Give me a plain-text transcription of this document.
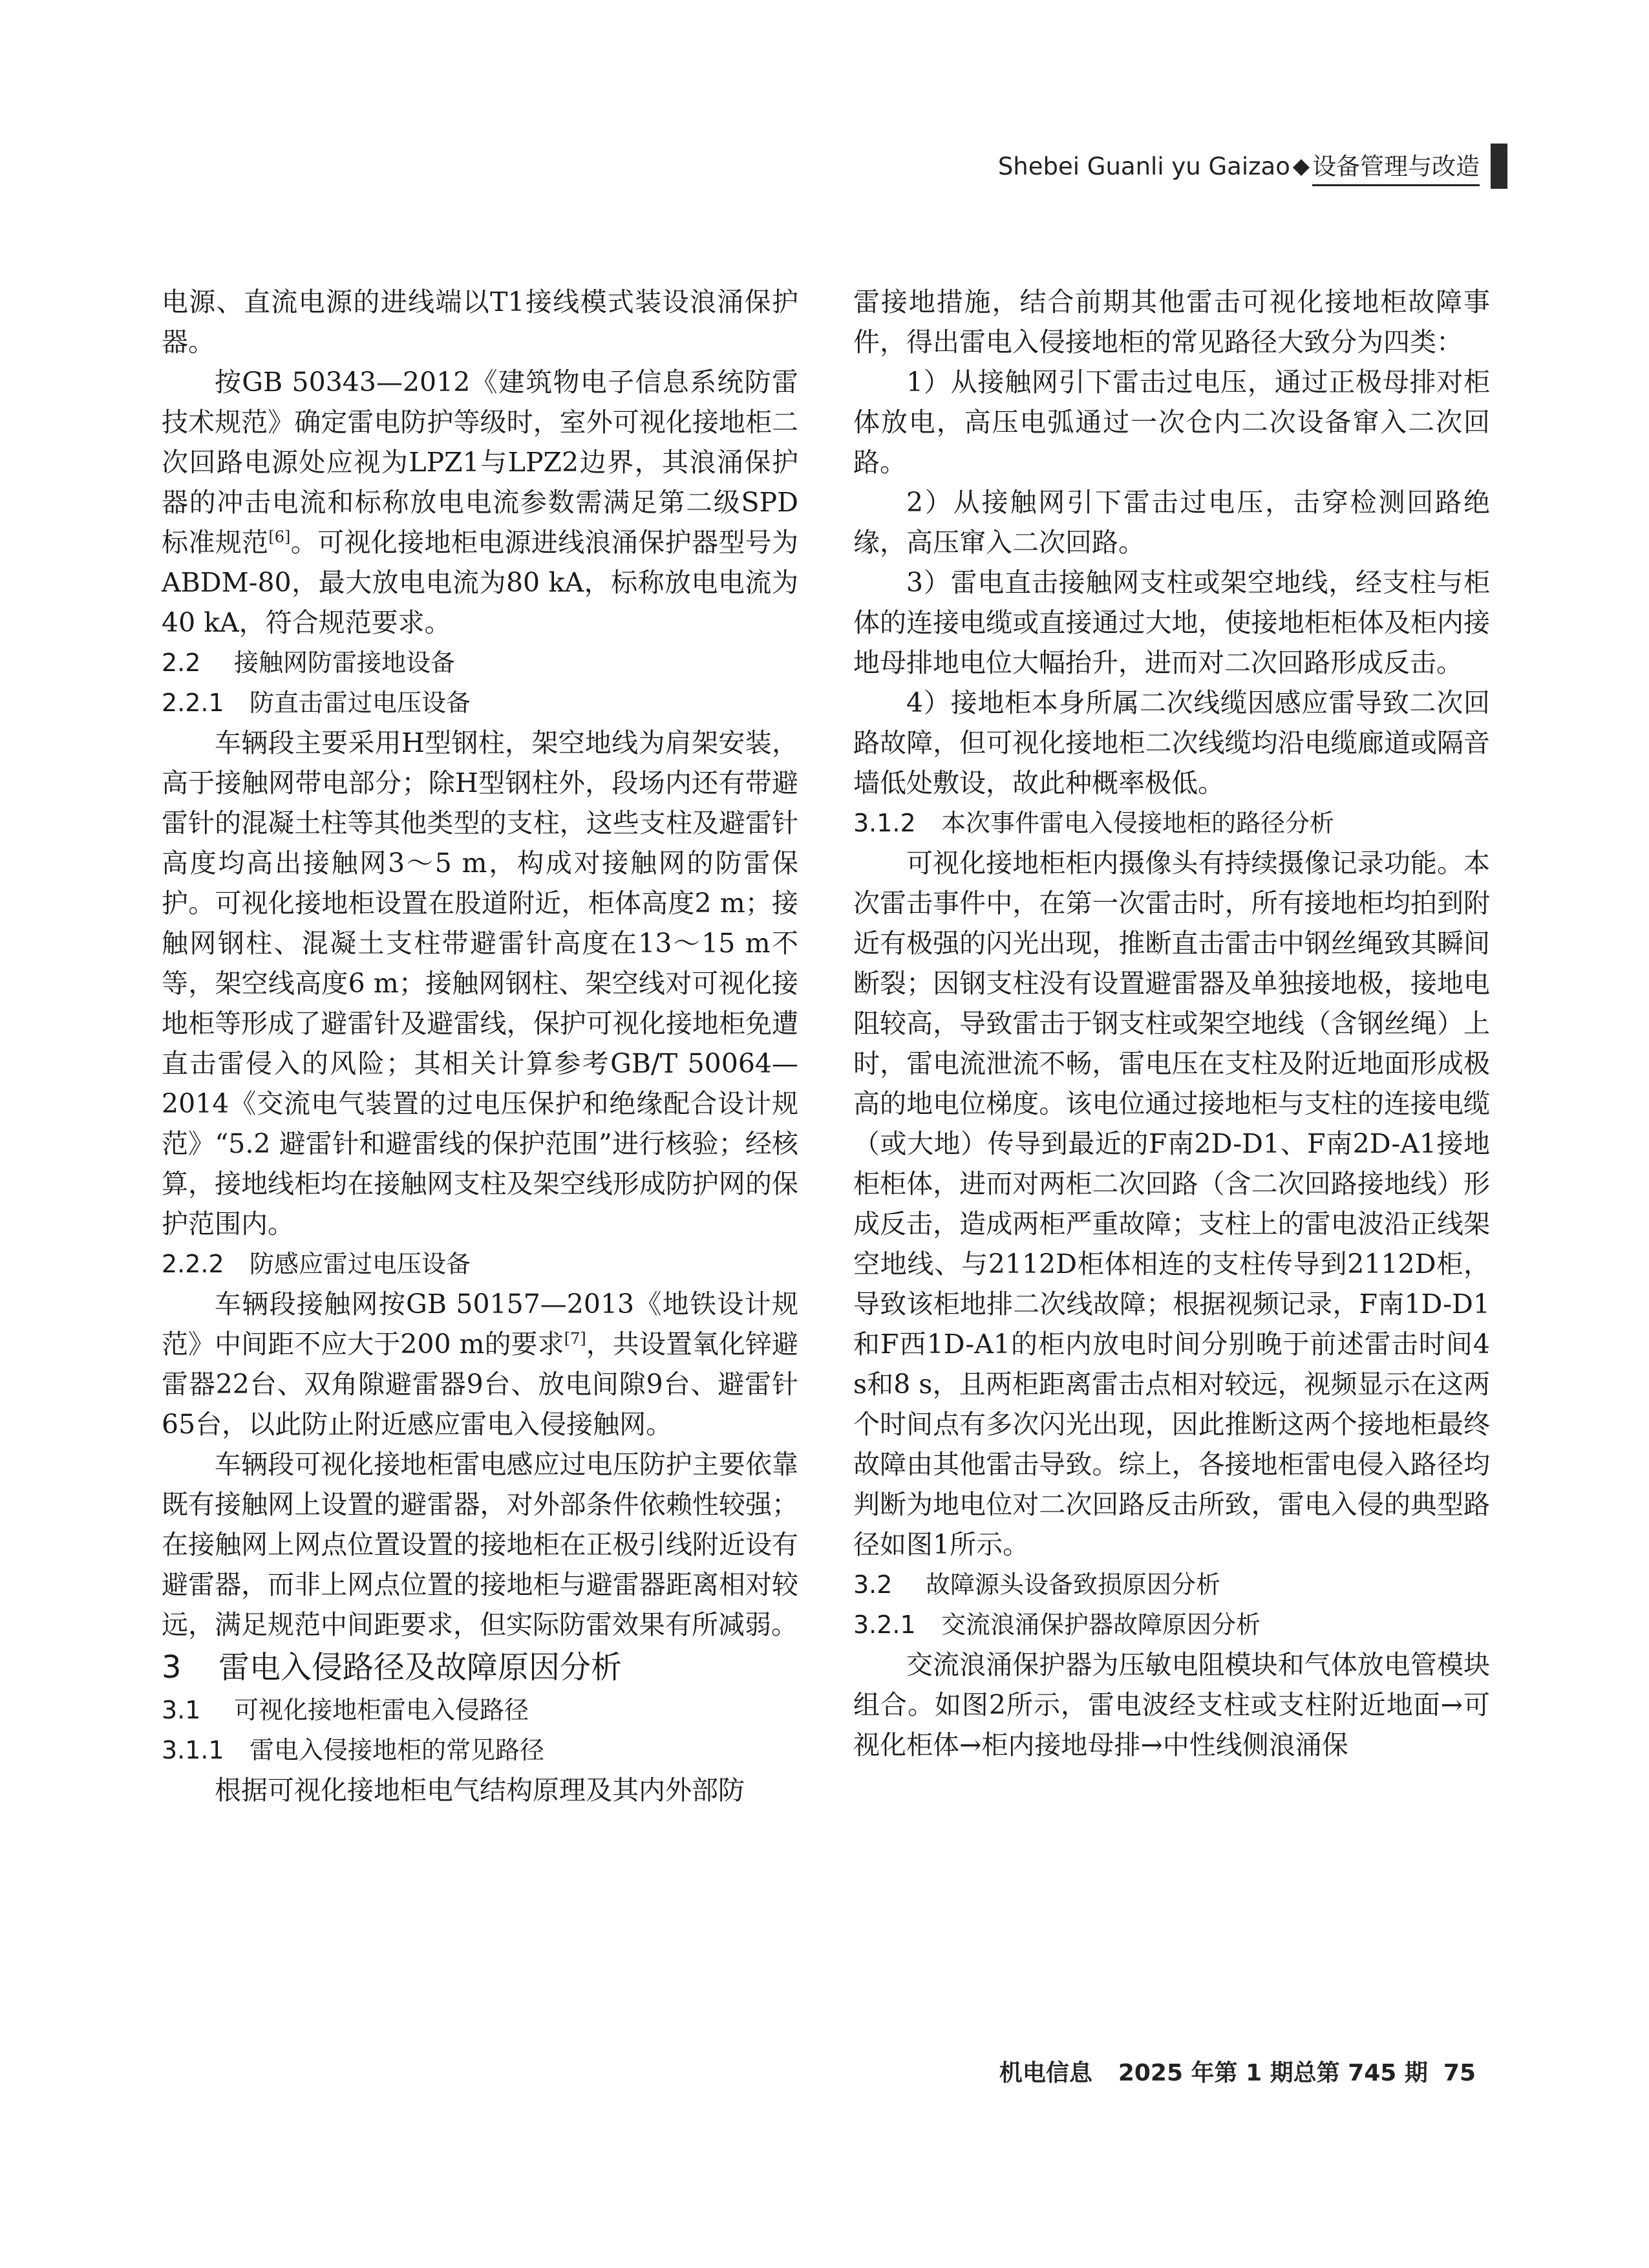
Shebei Guanli yu Gaizao ◆ 设备管理与改造

电源、直流电源的进线端以T1接线模式装设浪涌保护器。

按GB 50343—2012《建筑物电子信息系统防雷技术规范》确定雷电防护等级时，室外可视化接地柜二次回路电源处应视为LPZ1与LPZ2边界，其浪涌保护器的冲击电流和标称放电电流参数需满足第二级SPD标准规范[6]。可视化接地柜电源进线浪涌保护器型号为ABDM-80，最大放电电流为80 kA，标称放电电流为40 kA，符合规范要求。

2.2 接触网防雷接地设备

2.2.1 防直击雷过电压设备

车辆段主要采用H型钢柱，架空地线为肩架安装，高于接触网带电部分；除H型钢柱外，段场内还有带避雷针的混凝土柱等其他类型的支柱，这些支柱及避雷针高度均高出接触网3～5 m，构成对接触网的防雷保护。可视化接地柜设置在股道附近，柜体高度2 m；接触网钢柱、混凝土支柱带避雷针高度在13～15 m不等，架空线高度6 m；接触网钢柱、架空线对可视化接地柜等形成了避雷针及避雷线，保护可视化接地柜免遭直击雷侵入的风险；其相关计算参考GB/T 50064—2014《交流电气装置的过电压保护和绝缘配合设计规范》“5.2 避雷针和避雷线的保护范围”进行核验；经核算，接地线柜均在接触网支柱及架空线形成防护网的保护范围内。

2.2.2 防感应雷过电压设备

车辆段接触网按GB 50157—2013《地铁设计规范》中间距不应大于200 m的要求[7]，共设置氧化锌避雷器22台、双角隙避雷器9台、放电间隙9台、避雷针65台，以此防止附近感应雷电入侵接触网。

车辆段可视化接地柜雷电感应过电压防护主要依靠既有接触网上设置的避雷器，对外部条件依赖性较强；在接触网上网点位置设置的接地柜在正极引线附近设有避雷器，而非上网点位置的接地柜与避雷器距离相对较远，满足规范中间距要求，但实际防雷效果有所减弱。

3 雷电入侵路径及故障原因分析

3.1 可视化接地柜雷电入侵路径

3.1.1 雷电入侵接地柜的常见路径

根据可视化接地柜电气结构原理及其内外部防

雷接地措施，结合前期其他雷击可视化接地柜故障事件，得出雷电入侵接地柜的常见路径大致分为四类：

1）从接触网引下雷击过电压，通过正极母排对柜体放电，高压电弧通过一次仓内二次设备窜入二次回路。

2）从接触网引下雷击过电压，击穿检测回路绝缘，高压窜入二次回路。

3）雷电直击接触网支柱或架空地线，经支柱与柜体的连接电缆或直接通过大地，使接地柜柜体及柜内接地母排地电位大幅抬升，进而对二次回路形成反击。

4）接地柜本身所属二次线缆因感应雷导致二次回路故障，但可视化接地柜二次线缆均沿电缆廊道或隔音墙低处敷设，故此种概率极低。

3.1.2 本次事件雷电入侵接地柜的路径分析

可视化接地柜柜内摄像头有持续摄像记录功能。本次雷击事件中，在第一次雷击时，所有接地柜均拍到附近有极强的闪光出现，推断直击雷击中钢丝绳致其瞬间断裂；因钢支柱没有设置避雷器及单独接地极，接地电阻较高，导致雷击于钢支柱或架空地线（含钢丝绳）上时，雷电流泄流不畅，雷电压在支柱及附近地面形成极高的地电位梯度。该电位通过接地柜与支柱的连接电缆（或大地）传导到最近的F南2D-D1、F南2D-A1接地柜柜体，进而对两柜二次回路（含二次回路接地线）形成反击，造成两柜严重故障；支柱上的雷电波沿正线架空地线、与2112D柜体相连的支柱传导到2112D柜，导致该柜地排二次线故障；根据视频记录，F南1D-D1和F西1D-A1的柜内放电时间分别晚于前述雷击时间4 s和8 s，且两柜距离雷击点相对较远，视频显示在这两个时间点有多次闪光出现，因此推断这两个接地柜最终故障由其他雷击导致。综上，各接地柜雷电侵入路径均判断为地电位对二次回路反击所致，雷电入侵的典型路径如图1所示。

3.2 故障源头设备致损原因分析

3.2.1 交流浪涌保护器故障原因分析

交流浪涌保护器为压敏电阻模块和气体放电管模块组合。如图2所示，雷电波经支柱或支柱附近地面→可视化柜体→柜内接地母排→中性线侧浪涌保

机电信息 2025 年第 1 期总第 745 期 75
